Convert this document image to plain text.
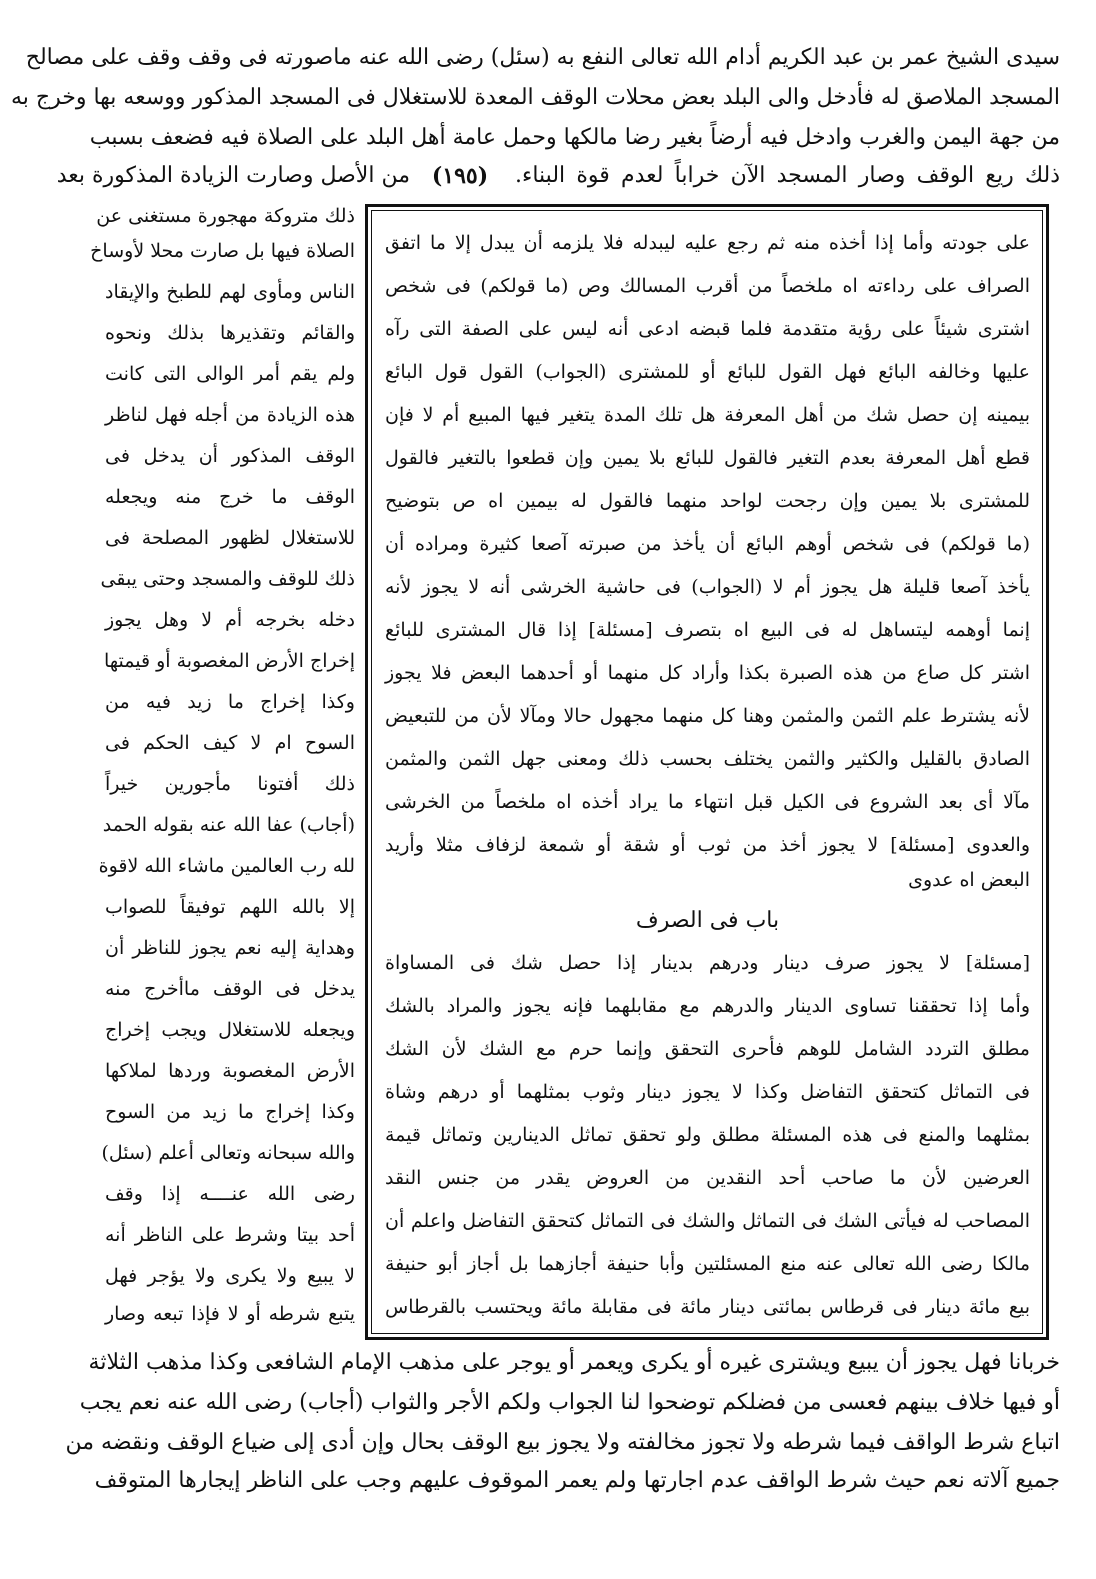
سيدى الشيخ عمر بن عبد الكريم أدام الله تعالى النفع به (سئل) رضى الله عنه ماصورته فى وقف وقف على مصالح
المسجد الملاصق له فأدخل والى البلد بعض محلات الوقف المعدة للاستغلال فى المسجد المذكور ووسعه بها وخرج به
من جهة اليمن والغرب وادخل فيه أرضاً بغير رضا مالكها وحمل عامة أهل البلد على الصلاة فيه فضعف بسبب
ذلك ريع الوقف وصار المسجد الآن خراباً لعدم قوة البناء.
(١٩٥)
من الأصل وصارت الزيادة المذكورة بعد
ذلك متروكة مهجورة مستغنى عن
الصلاة فيها بل صارت محلا لأوساخ
الناس ومأوى لهم للطبخ والإيقاد
والقائم وتقذيرها بذلك ونحوه
ولم يقم أمر الوالى التى كانت
هذه الزيادة من أجله فهل لناظر
الوقف المذكور أن يدخل فى
الوقف ما خرج منه ويجعله
للاستغلال لظهور المصلحة فى
ذلك للوقف والمسجد وحتى يبقى
دخله بخرجه أم لا وهل يجوز
إخراج الأرض المغصوبة أو قيمتها
وكذا إخراج ما زيد فيه من
السوح ام لا كيف الحكم فى
ذلك أفتونا مأجورين خيراً
(أجاب) عفا الله عنه بقوله الحمد
لله رب العالمين ماشاء الله لاقوة
إلا بالله اللهم توفيقاً للصواب
وهداية إليه نعم يجوز للناظر أن
يدخل فى الوقف ماأخرج منه
ويجعله للاستغلال ويجب إخراج
الأرض المغصوبة وردها لملاكها
وكذا إخراج ما زيد من السوح
والله سبحانه وتعالى أعلم (سئل)
رضى الله عنــــه إذا وقف
أحد بيتا وشرط على الناظر أنه
لا يبيع ولا يكرى ولا يؤجر فهل
يتبع شرطه أو لا فإذا تبعه وصار
على جودته وأما إذا أخذه منه ثم رجع عليه ليبدله فلا يلزمه أن يبدل إلا ما اتفق
الصراف على رداءته اه ملخصاً من أقرب المسالك وص (ما قولكم) فى شخص
اشترى شيئاً على رؤية متقدمة فلما قبضه ادعى أنه ليس على الصفة التى رآه
عليها وخالفه البائع فهل القول للبائع أو للمشترى (الجواب) القول قول البائع
بيمينه إن حصل شك من أهل المعرفة هل تلك المدة يتغير فيها المبيع أم لا فإن
قطع أهل المعرفة بعدم التغير فالقول للبائع بلا يمين وإن قطعوا بالتغير فالقول
للمشترى بلا يمين وإن رجحت لواحد منهما فالقول له بيمين اه ص بتوضيح
(ما قولكم) فى شخص أوهم البائع أن يأخذ من صبرته آصعا كثيرة ومراده أن
يأخذ آصعا قليلة هل يجوز أم لا (الجواب) فى حاشية الخرشى أنه لا يجوز لأنه
إنما أوهمه ليتساهل له فى البيع اه بتصرف [مسئلة] إذا قال المشترى للبائع
اشتر كل صاع من هذه الصبرة بكذا وأراد كل منهما أو أحدهما البعض فلا يجوز
لأنه يشترط علم الثمن والمثمن وهنا كل منهما مجهول حالا ومآلا لأن من للتبعيض
الصادق بالقليل والكثير والثمن يختلف بحسب ذلك ومعنى جهل الثمن والمثمن
مآلا أى بعد الشروع فى الكيل قبل انتهاء ما يراد أخذه اه ملخصاً من الخرشى
والعدوى [مسئلة] لا يجوز أخذ من ثوب أو شقة أو شمعة لزفاف مثلا وأريد
البعض اه عدوى
باب فى الصرف
[مسئلة] لا يجوز صرف دينار ودرهم بدينار إذا حصل شك فى المساواة
وأما إذا تحققنا تساوى الدينار والدرهم مع مقابلهما فإنه يجوز والمراد بالشك
مطلق التردد الشامل للوهم فأحرى التحقق وإنما حرم مع الشك لأن الشك
فى التماثل كتحقق التفاضل وكذا لا يجوز دينار وثوب بمثلهما أو درهم وشاة
بمثلهما والمنع فى هذه المسئلة مطلق ولو تحقق تماثل الدينارين وتماثل قيمة
العرضين لأن ما صاحب أحد النقدين من العروض يقدر من جنس النقد
المصاحب له فيأتى الشك فى التماثل والشك فى التماثل كتحقق التفاضل واعلم أن
مالكا رضى الله تعالى عنه منع المسئلتين وأبا حنيفة أجازهما بل أجاز أبو حنيفة
بيع مائة دينار فى قرطاس بمائتى دينار مائة فى مقابلة مائة ويحتسب بالقرطاس
خربانا فهل يجوز أن يبيع ويشترى غيره أو يكرى ويعمر أو يوجر على مذهب الإمام الشافعى وكذا مذهب الثلاثة
أو فيها خلاف بينهم فعسى من فضلكم توضحوا لنا الجواب ولكم الأجر والثواب (أجاب) رضى الله عنه نعم يجب
اتباع شرط الواقف فيما شرطه ولا تجوز مخالفته ولا يجوز بيع الوقف بحال وإن أدى إلى ضياع الوقف ونقضه من
جميع آلاته نعم حيث شرط الواقف عدم اجارتها ولم يعمر الموقوف عليهم وجب على الناظر إيجارها المتوقف
